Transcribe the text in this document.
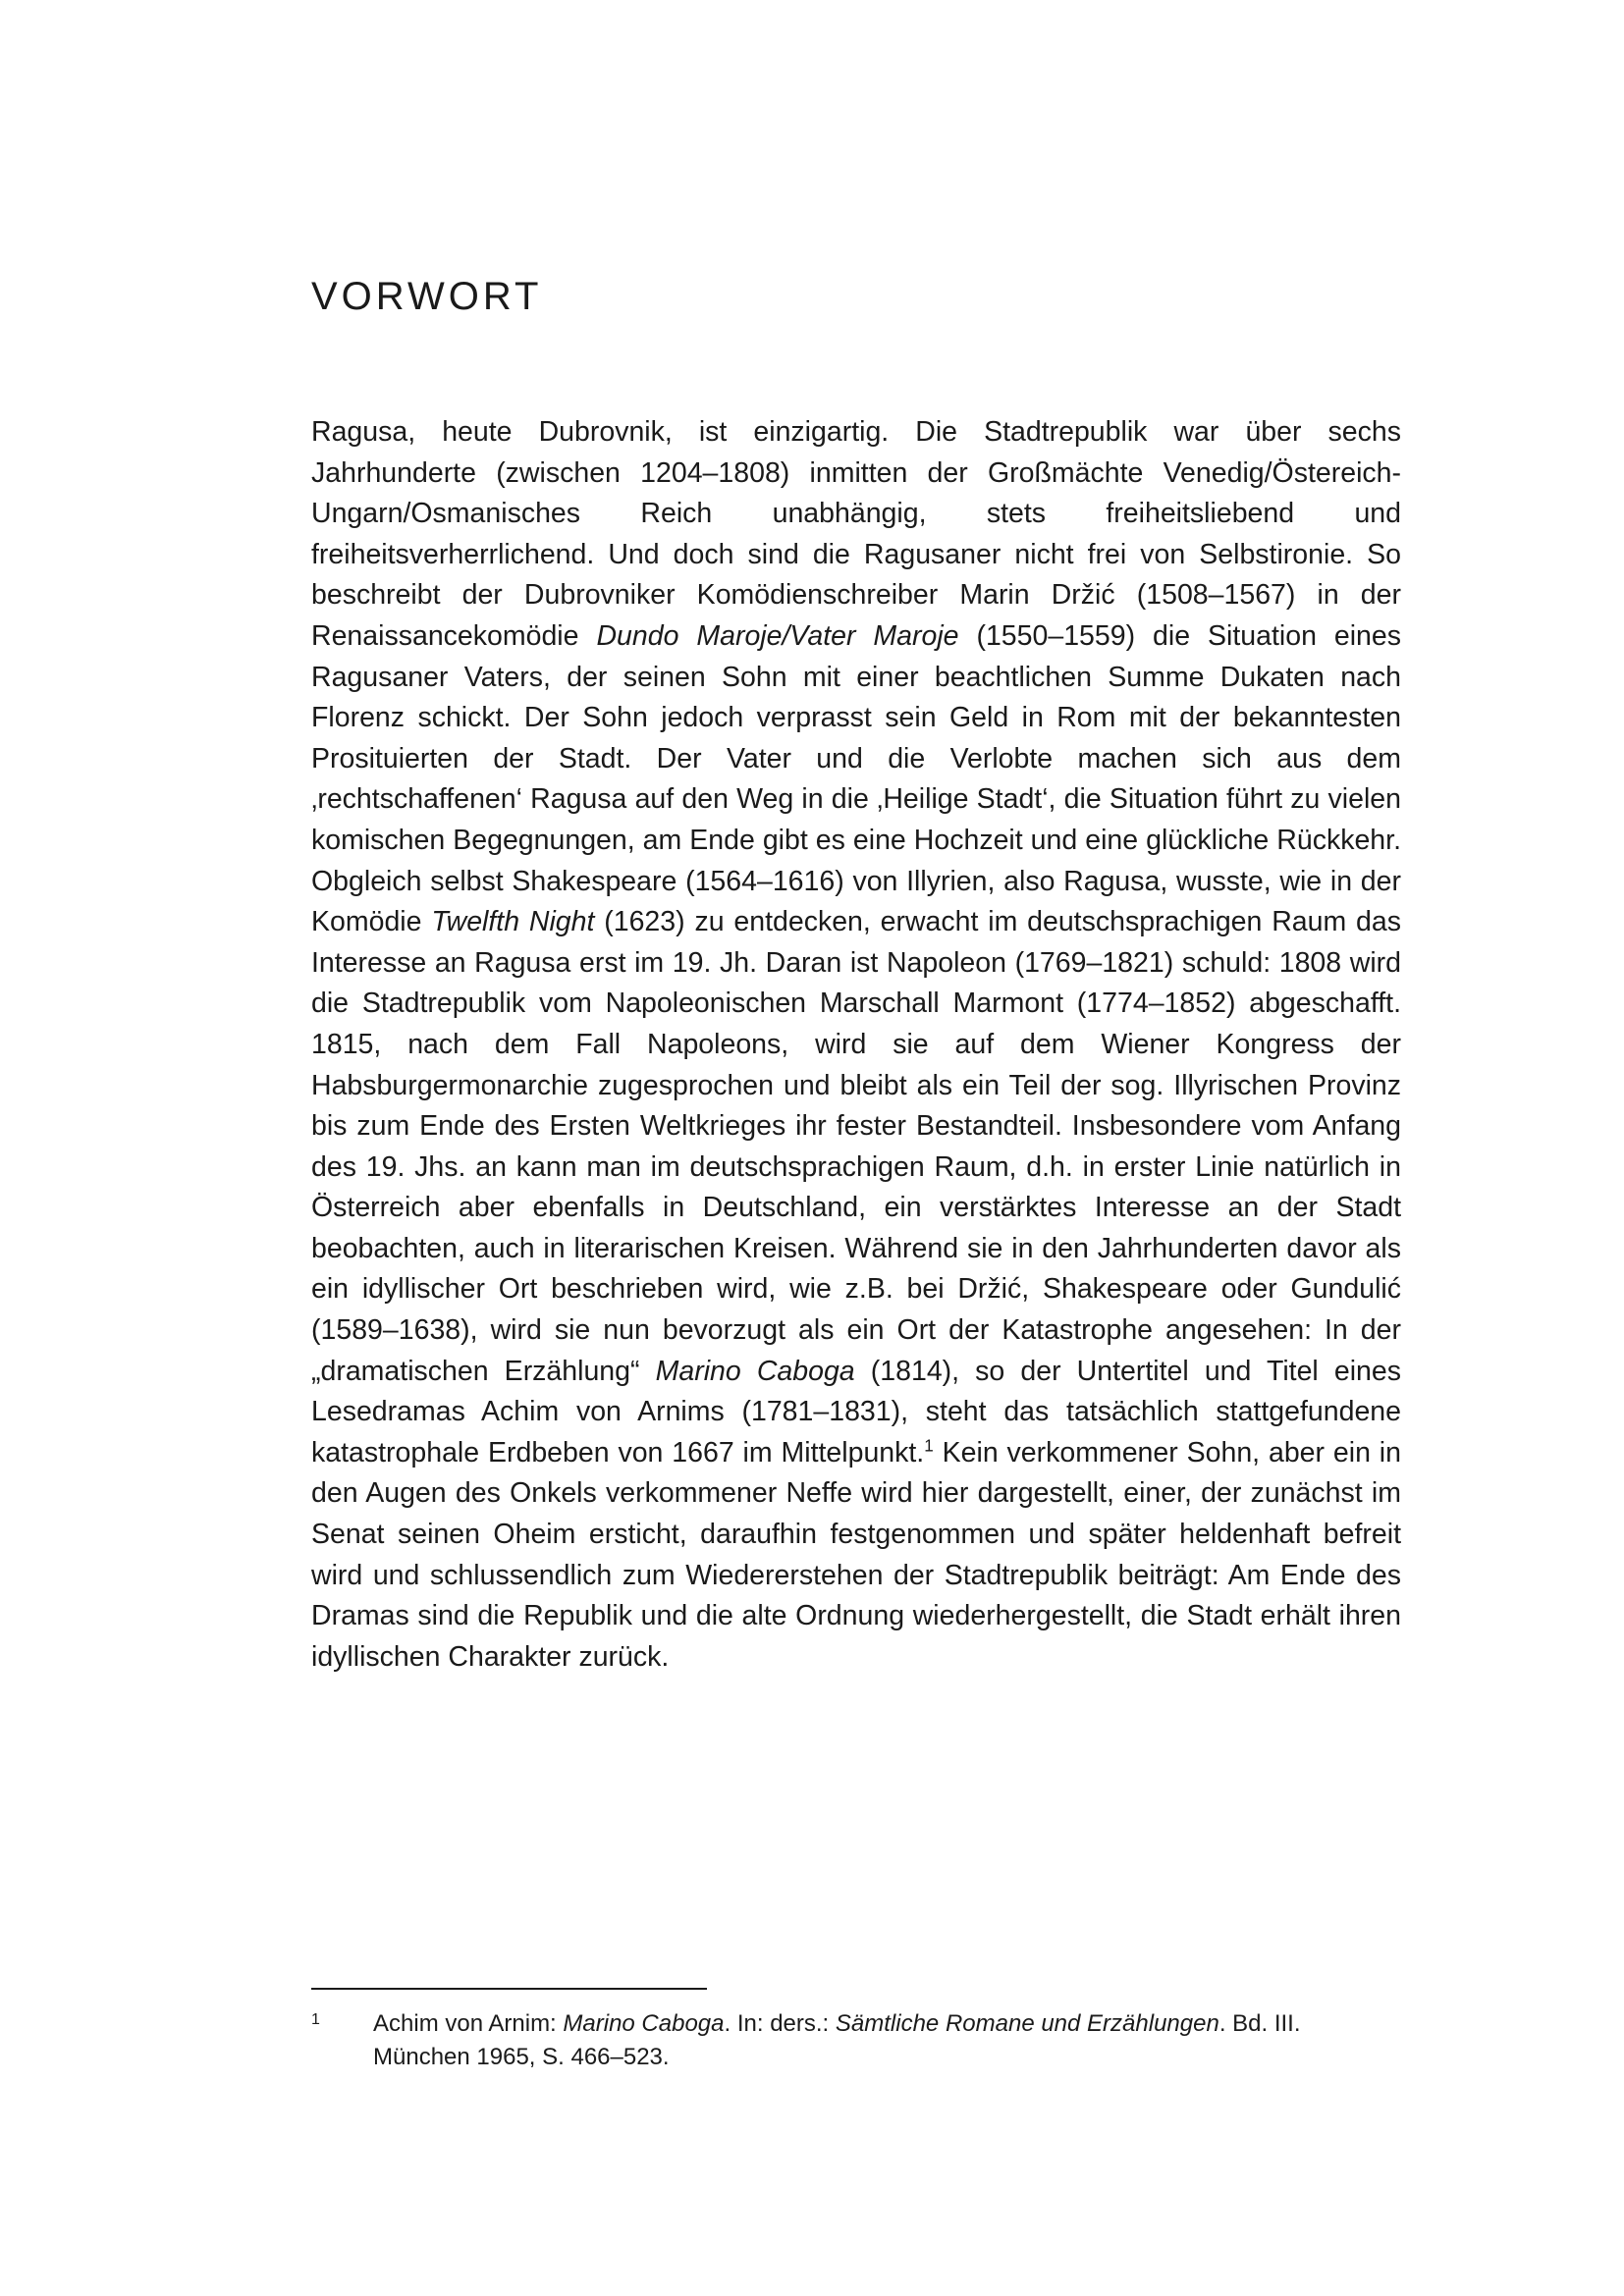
VORWORT

Ragusa, heute Dubrovnik, ist einzigartig. Die Stadtrepublik war über sechs Jahrhunderte (zwischen 1204–1808) inmitten der Großmächte Venedig/Östereich-Ungarn/Osmanisches Reich unabhängig, stets freiheitsliebend und freiheitsverherrlichend. Und doch sind die Ragusaner nicht frei von Selbstironie. So beschreibt der Dubrovniker Komödienschreiber Marin Držić (1508–1567) in der Renaissancekomödie Dundo Maroje/Vater Maroje (1550–1559) die Situation eines Ragusaner Vaters, der seinen Sohn mit einer beachtlichen Summe Dukaten nach Florenz schickt. Der Sohn jedoch verprasst sein Geld in Rom mit der bekanntesten Prosituierten der Stadt. Der Vater und die Verlobte machen sich aus dem ‚rechtschaffenen‘ Ragusa auf den Weg in die ‚Heilige Stadt‘, die Situation führt zu vielen komischen Begegnungen, am Ende gibt es eine Hochzeit und eine glückliche Rückkehr. Obgleich selbst Shakespeare (1564–1616) von Illyrien, also Ragusa, wusste, wie in der Komödie Twelfth Night (1623) zu entdecken, erwacht im deutschsprachigen Raum das Interesse an Ragusa erst im 19. Jh. Daran ist Napoleon (1769–1821) schuld: 1808 wird die Stadtrepublik vom Napoleonischen Marschall Marmont (1774–1852) abgeschafft. 1815, nach dem Fall Napoleons, wird sie auf dem Wiener Kongress der Habsburgermonarchie zugesprochen und bleibt als ein Teil der sog. Illyrischen Provinz bis zum Ende des Ersten Weltkrieges ihr fester Bestandteil. Insbesondere vom Anfang des 19. Jhs. an kann man im deutschsprachigen Raum, d.h. in erster Linie natürlich in Österreich aber ebenfalls in Deutschland, ein verstärktes Interesse an der Stadt beobachten, auch in literarischen Kreisen. Während sie in den Jahrhunderten davor als ein idyllischer Ort beschrieben wird, wie z.B. bei Držić, Shakespeare oder Gundulić (1589–1638), wird sie nun bevorzugt als ein Ort der Katastrophe angesehen: In der „dramatischen Erzählung“ Marino Caboga (1814), so der Untertitel und Titel eines Lesedramas Achim von Arnims (1781–1831), steht das tatsächlich stattgefundene katastrophale Erdbeben von 1667 im Mittelpunkt.$^1$ Kein verkommener Sohn, aber ein in den Augen des Onkels verkommener Neffe wird hier dargestellt, einer, der zunächst im Senat seinen Oheim ersticht, daraufhin festgenommen und später heldenhaft befreit wird und schlussendlich zum Wiedererstehen der Stadtrepublik beiträgt: Am Ende des Dramas sind die Republik und die alte Ordnung wiederhergestellt, die Stadt erhält ihren idyllischen Charakter zurück.

1 Achim von Arnim: Marino Caboga. In: ders.: Sämtliche Romane und Erzählungen. Bd. III. München 1965, S. 466–523.
